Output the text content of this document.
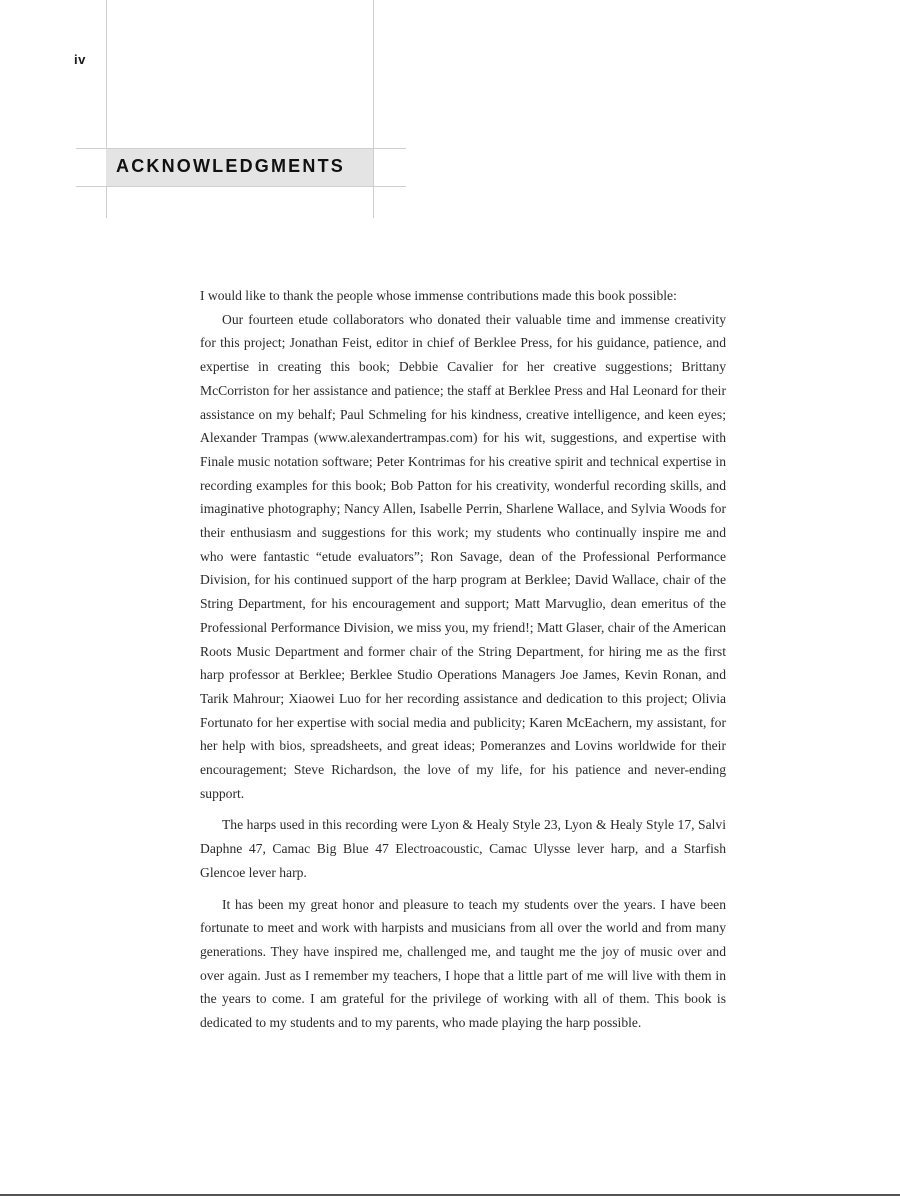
iv
ACKNOWLEDGMENTS

I would like to thank the people whose immense contributions made this book possible:

Our fourteen etude collaborators who donated their valuable time and immense creativity for this project; Jonathan Feist, editor in chief of Berklee Press, for his guidance, patience, and expertise in creating this book; Debbie Cavalier for her creative suggestions; Brittany McCorriston for her assistance and patience; the staff at Berklee Press and Hal Leonard for their assistance on my behalf; Paul Schmeling for his kindness, creative intelligence, and keen eyes; Alexander Trampas (www.alexandertrampas.com) for his wit, suggestions, and expertise with Finale music notation software; Peter Kontrimas for his creative spirit and technical expertise in recording examples for this book; Bob Patton for his creativity, wonderful recording skills, and imaginative photography; Nancy Allen, Isabelle Perrin, Sharlene Wallace, and Sylvia Woods for their enthusiasm and suggestions for this work; my students who continually inspire me and who were fantastic “etude evaluators”; Ron Savage, dean of the Professional Performance Division, for his continued support of the harp program at Berklee; David Wallace, chair of the String Department, for his encouragement and support; Matt Marvuglio, dean emeritus of the Professional Performance Division, we miss you, my friend!; Matt Glaser, chair of the American Roots Music Department and former chair of the String Department, for hiring me as the first harp professor at Berklee; Berklee Studio Operations Managers Joe James, Kevin Ronan, and Tarik Mahrour; Xiaowei Luo for her recording assistance and dedication to this project; Olivia Fortunato for her expertise with social media and publicity; Karen McEachern, my assistant, for her help with bios, spreadsheets, and great ideas; Pomeranzes and Lovins worldwide for their encouragement; Steve Richardson, the love of my life, for his patience and never-ending support.

The harps used in this recording were Lyon & Healy Style 23, Lyon & Healy Style 17, Salvi Daphne 47, Camac Big Blue 47 Electroacoustic, Camac Ulysse lever harp, and a Starfish Glencoe lever harp.

It has been my great honor and pleasure to teach my students over the years. I have been fortunate to meet and work with harpists and musicians from all over the world and from many generations. They have inspired me, challenged me, and taught me the joy of music over and over again. Just as I remember my teachers, I hope that a little part of me will live with them in the years to come. I am grateful for the privilege of working with all of them. This book is dedicated to my students and to my parents, who made playing the harp possible.
